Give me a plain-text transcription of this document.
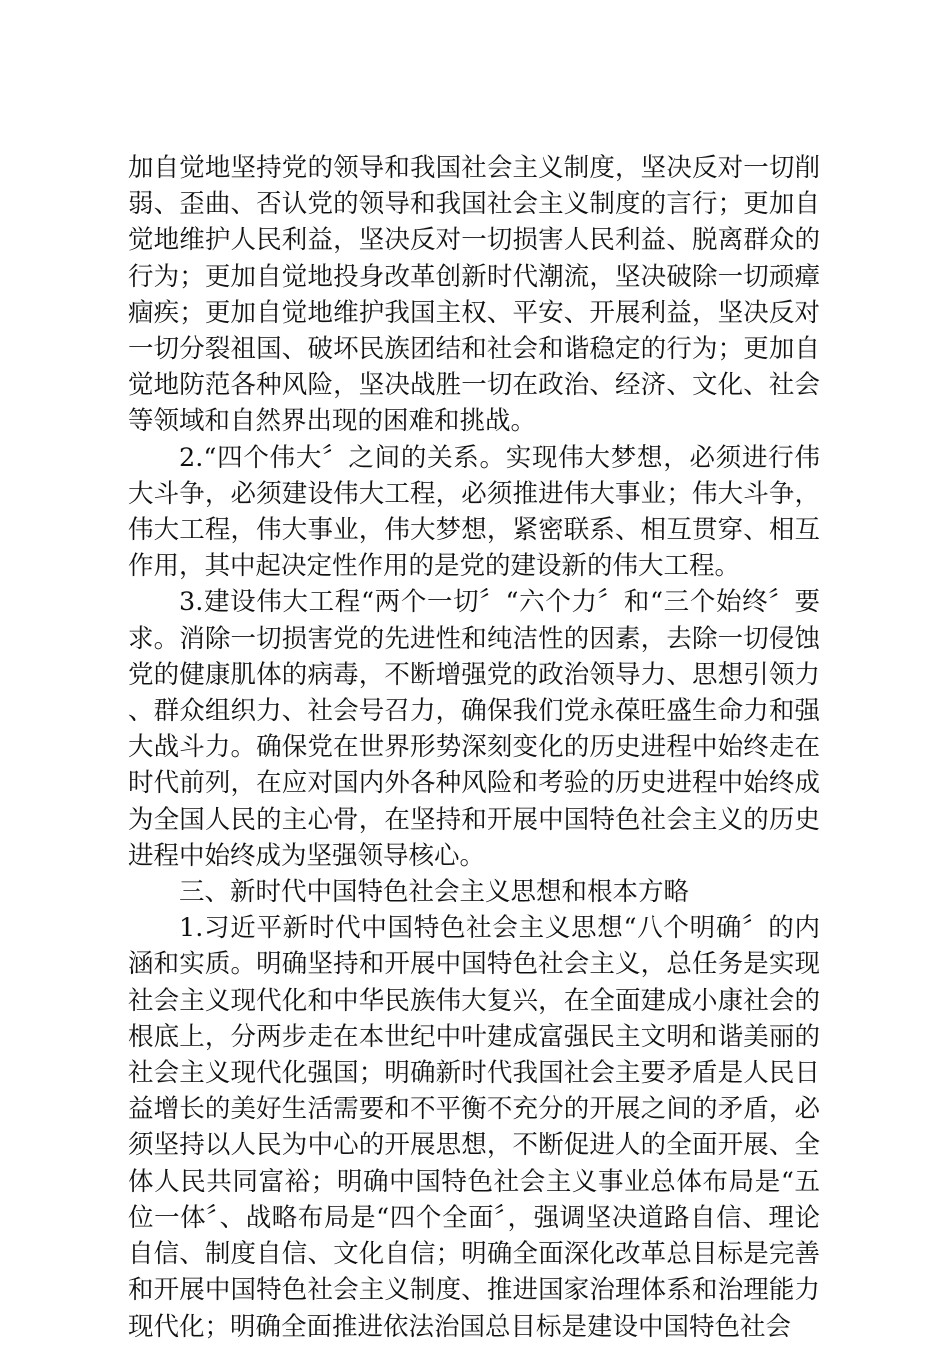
加自觉地坚持党的领导和我国社会主义制度，坚决反对一切削弱、歪曲、否认党的领导和我国社会主义制度的言行；更加自觉地维护人民利益，坚决反对一切损害人民利益、脱离群众的行为；更加自觉地投身改革创新时代潮流，坚决破除一切顽瘴痼疾；更加自觉地维护我国主权、平安、开展利益，坚决反对一切分裂祖国、破坏民族团结和社会和谐稳定的行为；更加自觉地防范各种风险，坚决战胜一切在政治、经济、文化、社会等领域和自然界出现的困难和挑战。

2.“四个伟大〞之间的关系。实现伟大梦想，必须进行伟大斗争，必须建设伟大工程，必须推进伟大事业；伟大斗争，伟大工程，伟大事业，伟大梦想，紧密联系、相互贯穿、相互作用，其中起决定性作用的是党的建设新的伟大工程。

3.建设伟大工程“两个一切〞“六个力〞和“三个始终〞要求。消除一切损害党的先进性和纯洁性的因素，去除一切侵蚀党的健康肌体的病毒，不断增强党的政治领导力、思想引领力、群众组织力、社会号召力，确保我们党永葆旺盛生命力和强大战斗力。确保党在世界形势深刻变化的历史进程中始终走在时代前列，在应对国内外各种风险和考验的历史进程中始终成为全国人民的主心骨，在坚持和开展中国特色社会主义的历史进程中始终成为坚强领导核心。

三、新时代中国特色社会主义思想和根本方略

1.习近平新时代中国特色社会主义思想“八个明确〞的内涵和实质。明确坚持和开展中国特色社会主义，总任务是实现社会主义现代化和中华民族伟大复兴，在全面建成小康社会的根底上，分两步走在本世纪中叶建成富强民主文明和谐美丽的社会主义现代化强国；明确新时代我国社会主要矛盾是人民日益增长的美好生活需要和不平衡不充分的开展之间的矛盾，必须坚持以人民为中心的开展思想，不断促进人的全面开展、全体人民共同富裕；明确中国特色社会主义事业总体布局是“五位一体〞、战略布局是“四个全面〞，强调坚决道路自信、理论自信、制度自信、文化自信；明确全面深化改革总目标是完善和开展中国特色社会主义制度、推进国家治理体系和治理能力现代化；明确全面推进依法治国总目标是建设中国特色社会
